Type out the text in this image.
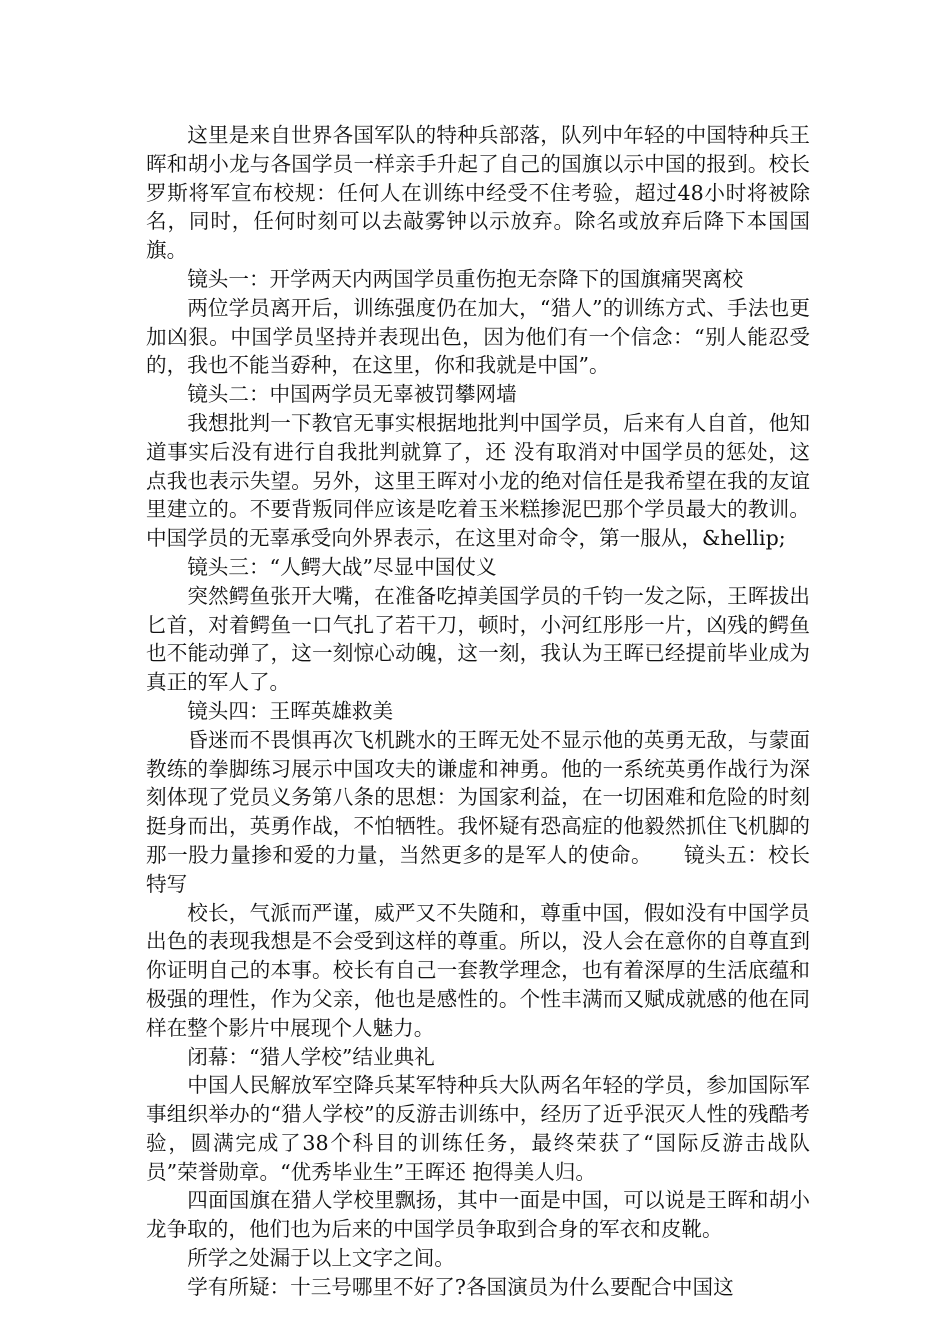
这里是来自世界各国军队的特种兵部落，队列中年轻的中国特种兵王晖和胡小龙与各国学员一样亲手升起了自己的国旗以示中国的报到。校长罗斯将军宣布校规：任何人在训练中经受不住考验，超过48小时将被除名，同时，任何时刻可以去敲雾钟以示放弃。除名或放弃后降下本国国旗。

镜头一：开学两天内两国学员重伤抱无奈降下的国旗痛哭离校

两位学员离开后，训练强度仍在加大，“猎人”的训练方式、手法也更加凶狠。中国学员坚持并表现出色，因为他们有一个信念：“别人能忍受的，我也不能当孬种，在这里，你和我就是中国”。

镜头二：中国两学员无辜被罚攀网墙

我想批判一下教官无事实根据地批判中国学员，后来有人自首，他知道事实后没有进行自我批判就算了，还 没有取消对中国学员的惩处，这点我也表示失望。另外，这里王晖对小龙的绝对信任是我希望在我的友谊里建立的。不要背叛同伴应该是吃着玉米糕掺泥巴那个学员最大的教训。中国学员的无辜承受向外界表示，在这里对命令，第一服从，&hellip;

镜头三：“人鳄大战”尽显中国仗义

突然鳄鱼张开大嘴，在准备吃掉美国学员的千钧一发之际，王晖拔出匕首，对着鳄鱼一口气扎了若干刀，顿时，小河红彤彤一片，凶残的鳄鱼也不能动弹了，这一刻惊心动魄，这一刻，我认为王晖已经提前毕业成为真正的军人了。

镜头四：王晖英雄救美

昏迷而不畏惧再次飞机跳水的王晖无处不显示他的英勇无敌，与蒙面教练的拳脚练习展示中国攻夫的谦虚和神勇。他的一系统英勇作战行为深刻体现了党员义务第八条的思想：为国家利益，在一切困难和危险的时刻挺身而出，英勇作战，不怕牺牲。我怀疑有恐高症的他毅然抓住飞机脚的那一股力量掺和爱的力量，当然更多的是军人的使命。　　镜头五：校长特写

校长，气派而严谨，威严又不失随和，尊重中国，假如没有中国学员出色的表现我想是不会受到这样的尊重。所以，没人会在意你的自尊直到你证明自己的本事。校长有自己一套教学理念，也有着深厚的生活底蕴和极强的理性，作为父亲，他也是感性的。个性丰满而又赋成就感的他在同样在整个影片中展现个人魅力。

闭幕：“猎人学校”结业典礼

中国人民解放军空降兵某军特种兵大队两名年轻的学员，参加国际军事组织举办的“猎人学校”的反游击训练中，经历了近乎泯灭人性的残酷考验，圆满完成了38个科目的训练任务，最终荣获了“国际反游击战队员”荣誉勋章。“优秀毕业生”王晖还 抱得美人归。

四面国旗在猎人学校里飘扬，其中一面是中国，可以说是王晖和胡小龙争取的，他们也为后来的中国学员争取到合身的军衣和皮靴。

所学之处漏于以上文字之间。

学有所疑：十三号哪里不好了?各国演员为什么要配合中国这
